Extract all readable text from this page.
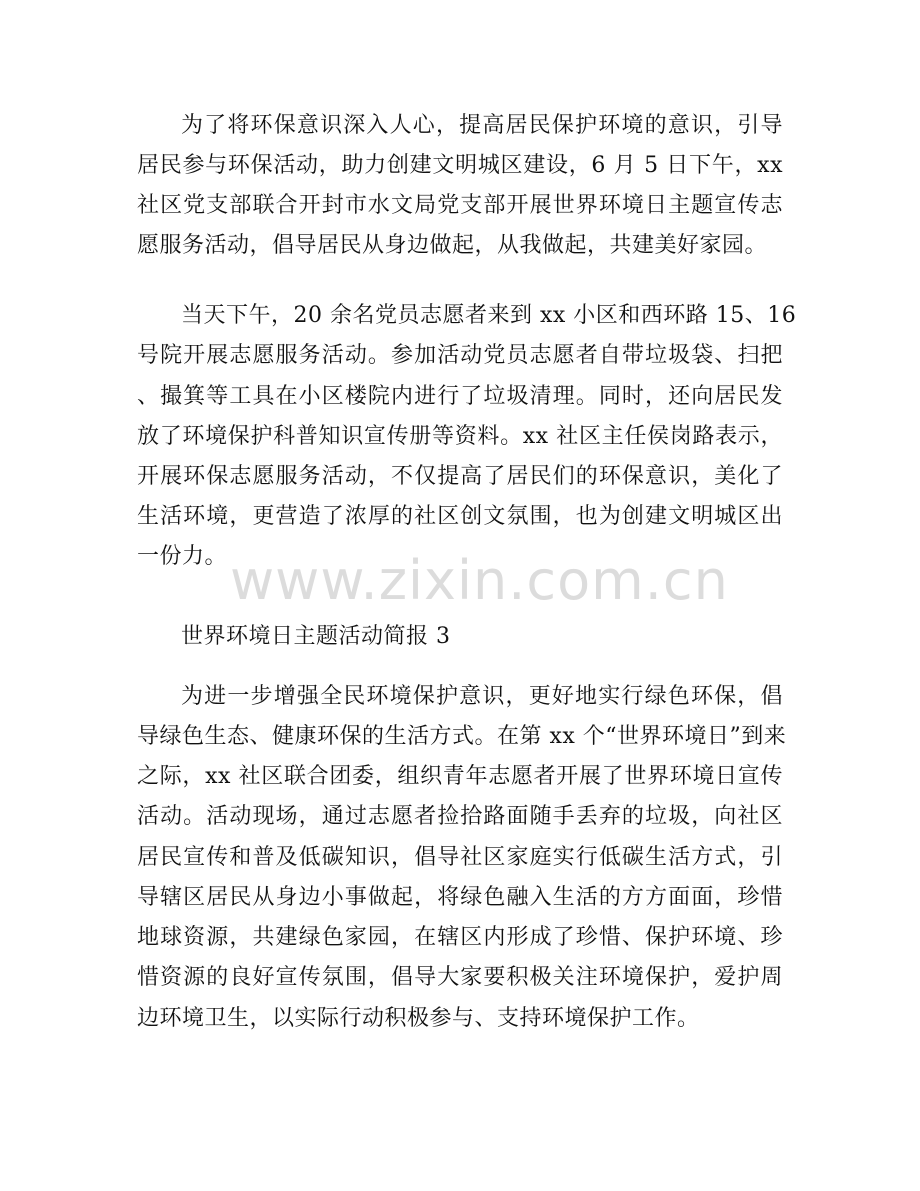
为了将环保意识深入人心，提高居民保护环境的意识，引导
居民参与环保活动，助力创建文明城区建设，6 月 5 日下午，xx
社区党支部联合开封市水文局党支部开展世界环境日主题宣传志
愿服务活动，倡导居民从身边做起，从我做起，共建美好家园。
当天下午，20 余名党员志愿者来到 xx 小区和西环路 15、16
号院开展志愿服务活动。参加活动党员志愿者自带垃圾袋、扫把
、撮箕等工具在小区楼院内进行了垃圾清理。同时，还向居民发
放了环境保护科普知识宣传册等资料。xx 社区主任侯岗路表示，
开展环保志愿服务活动，不仅提高了居民们的环保意识，美化了
生活环境，更营造了浓厚的社区创文氛围，也为创建文明城区出
一份力。 www.zixin.com.cn
世界环境日主题活动简报 3
为进一步增强全民环境保护意识，更好地实行绿色环保，倡
导绿色生态、健康环保的生活方式。在第 xx 个“世界环境日”到来
之际，xx 社区联合团委，组织青年志愿者开展了世界环境日宣传
活动。活动现场，通过志愿者捡拾路面随手丢弃的垃圾，向社区
居民宣传和普及低碳知识，倡导社区家庭实行低碳生活方式，引
导辖区居民从身边小事做起，将绿色融入生活的方方面面，珍惜
地球资源，共建绿色家园，在辖区内形成了珍惜、保护环境、珍
惜资源的良好宣传氛围，倡导大家要积极关注环境保护，爱护周
边环境卫生，以实际行动积极参与、支持环境保护工作。
